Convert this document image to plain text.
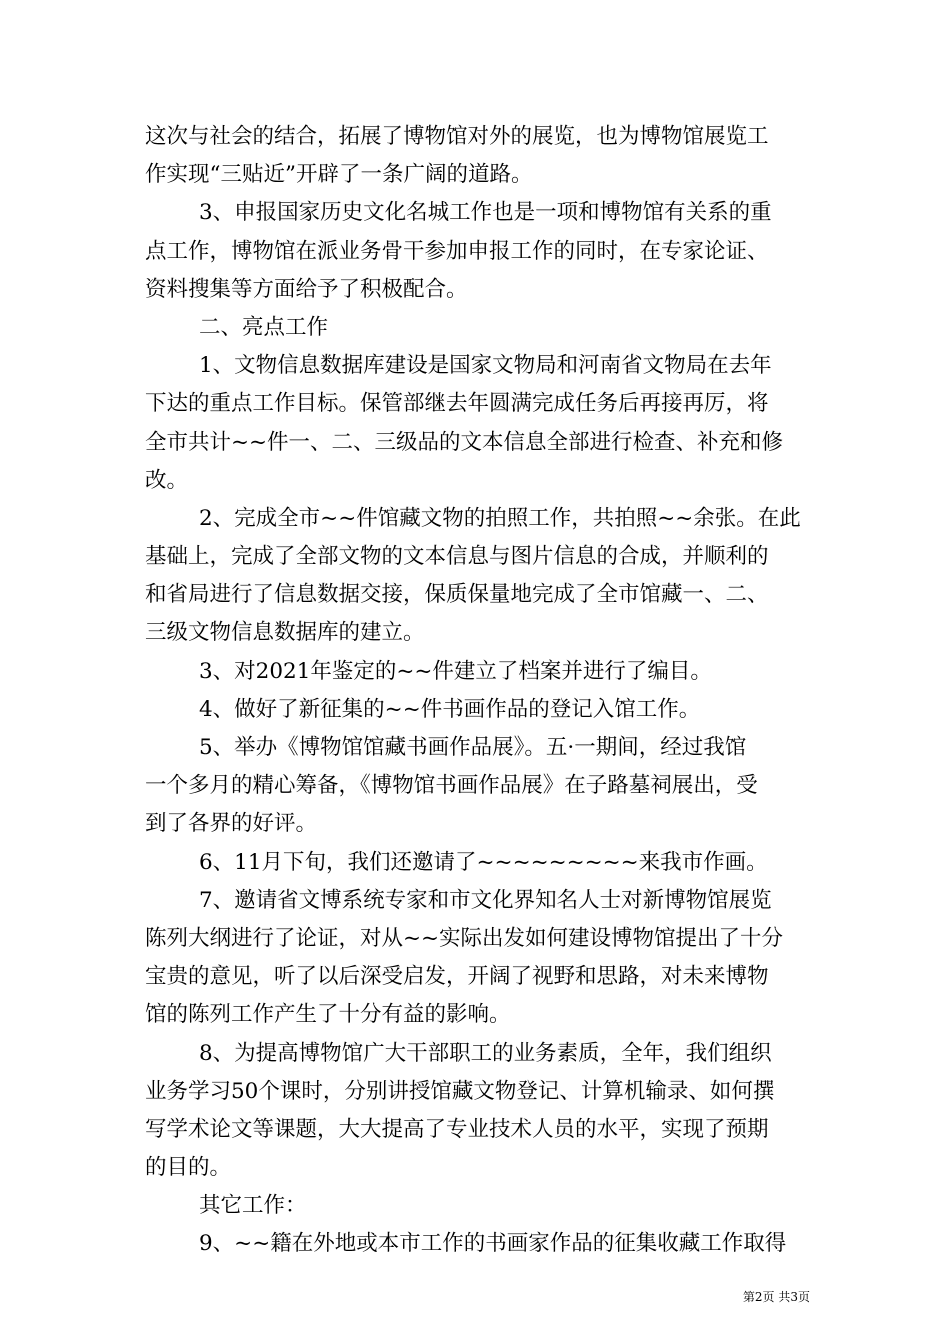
这次与社会的结合，拓展了博物馆对外的展览，也为博物馆展览工
作实现“三贴近”开辟了一条广阔的道路。
3、申报国家历史文化名城工作也是一项和博物馆有关系的重
点工作，博物馆在派业务骨干参加申报工作的同时，在专家论证、
资料搜集等方面给予了积极配合。
二、亮点工作
1、文物信息数据库建设是国家文物局和河南省文物局在去年
下达的重点工作目标。保管部继去年圆满完成任务后再接再厉，将
全市共计~~件一、二、三级品的文本信息全部进行检查、补充和修
改。
2、完成全市~~件馆藏文物的拍照工作，共拍照~~余张。在此
基础上，完成了全部文物的文本信息与图片信息的合成，并顺利的
和省局进行了信息数据交接，保质保量地完成了全市馆藏一、二、
三级文物信息数据库的建立。
3、对2021年鉴定的~~件建立了档案并进行了编目。
4、做好了新征集的~~件书画作品的登记入馆工作。
5、举办《博物馆馆藏书画作品展》。五·一期间，经过我馆
一个多月的精心筹备，《博物馆书画作品展》在子路墓祠展出，受
到了各界的好评。
6、11月下旬，我们还邀请了~~~~~~~~~来我市作画。
7、邀请省文博系统专家和市文化界知名人士对新博物馆展览
陈列大纲进行了论证，对从~~实际出发如何建设博物馆提出了十分
宝贵的意见，听了以后深受启发，开阔了视野和思路，对未来博物
馆的陈列工作产生了十分有益的影响。
8、为提高博物馆广大干部职工的业务素质，全年，我们组织
业务学习50个课时，分别讲授馆藏文物登记、计算机输录、如何撰
写学术论文等课题，大大提高了专业技术人员的水平，实现了预期
的目的。
其它工作：
9、~~籍在外地或本市工作的书画家作品的征集收藏工作取得
第2页 共3页
